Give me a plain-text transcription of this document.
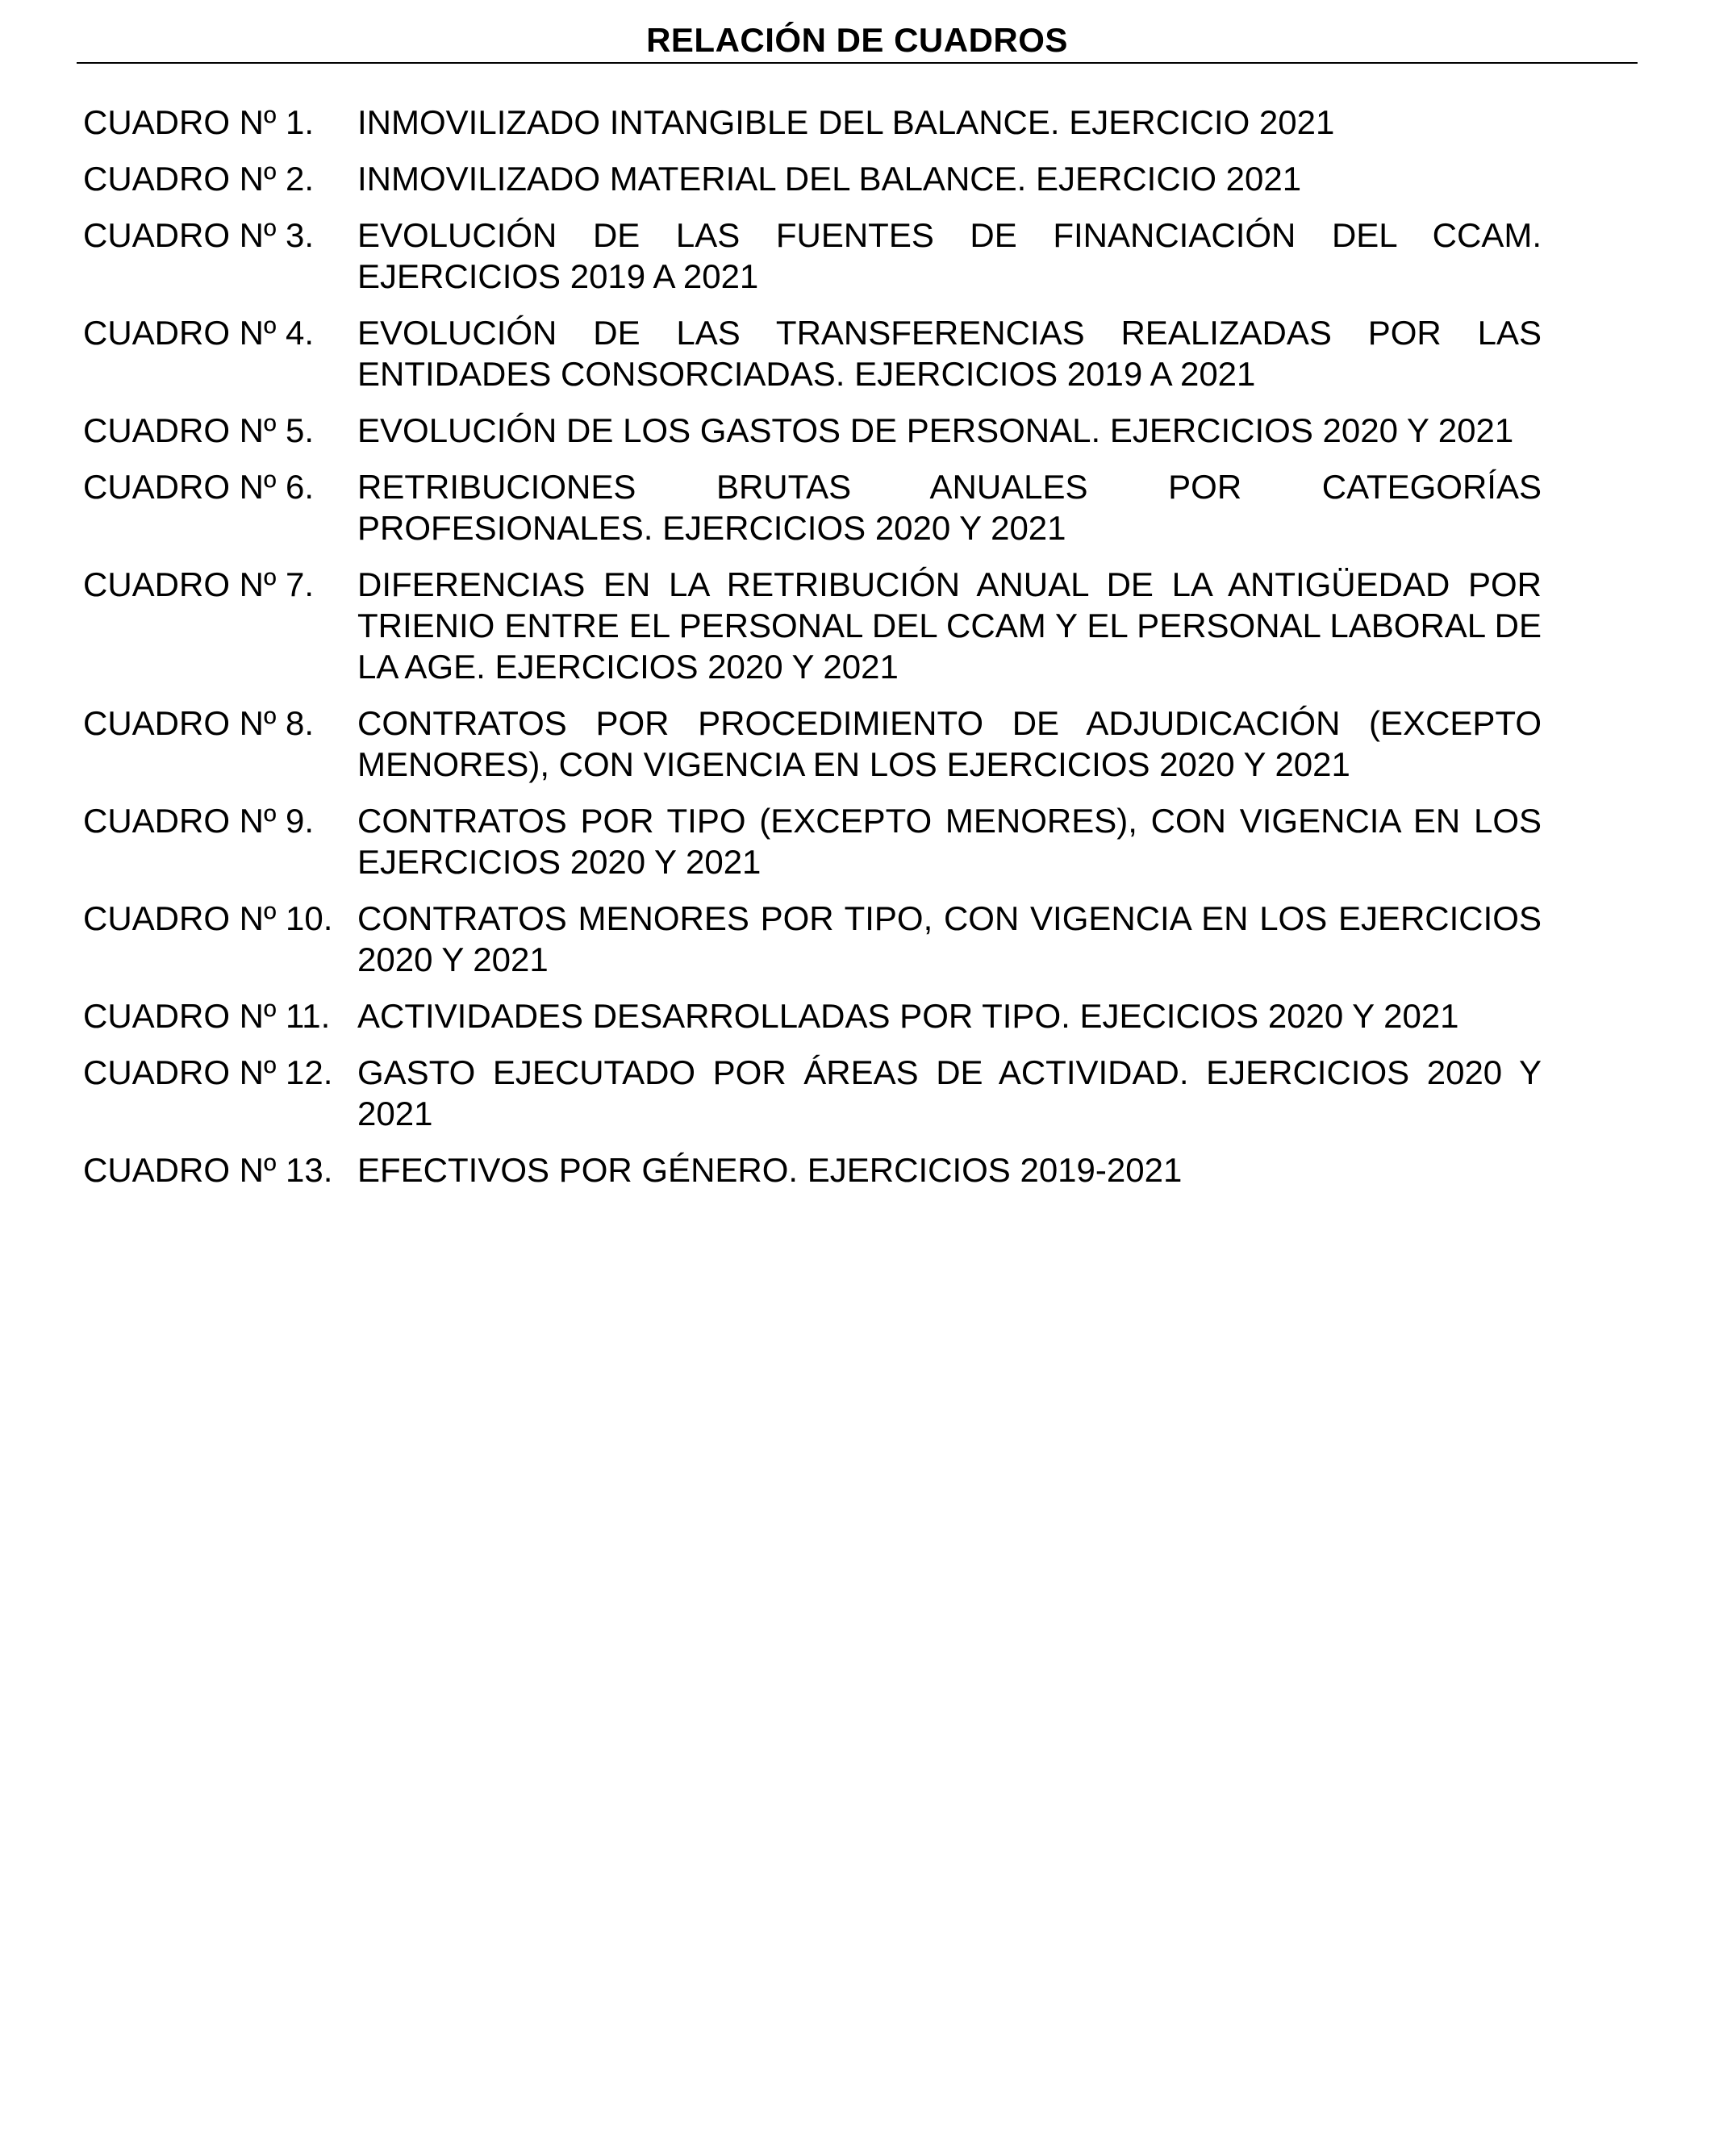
RELACIÓN DE CUADROS
CUADRO Nº 1.	INMOVILIZADO INTANGIBLE DEL BALANCE. EJERCICIO 2021
CUADRO Nº 2.	INMOVILIZADO MATERIAL DEL BALANCE. EJERCICIO 2021
CUADRO Nº 3.	EVOLUCIÓN DE LAS FUENTES DE FINANCIACIÓN DEL CCAM. EJERCICIOS 2019 A 2021
CUADRO Nº 4.	EVOLUCIÓN DE LAS TRANSFERENCIAS REALIZADAS POR LAS ENTIDADES CONSORCIADAS. EJERCICIOS 2019 A 2021
CUADRO Nº 5.	EVOLUCIÓN DE LOS GASTOS DE PERSONAL. EJERCICIOS 2020 Y 2021
CUADRO Nº 6.	RETRIBUCIONES BRUTAS ANUALES POR CATEGORÍAS PROFESIONALES. EJERCICIOS 2020 Y 2021
CUADRO Nº 7.	DIFERENCIAS EN LA RETRIBUCIÓN ANUAL DE LA ANTIGÜEDAD POR TRIENIO ENTRE EL PERSONAL DEL CCAM Y EL PERSONAL LABORAL DE LA AGE. EJERCICIOS 2020 Y 2021
CUADRO Nº 8.	CONTRATOS POR PROCEDIMIENTO DE ADJUDICACIÓN (EXCEPTO MENORES), CON VIGENCIA EN LOS EJERCICIOS 2020 Y 2021
CUADRO Nº 9.	CONTRATOS POR TIPO (EXCEPTO MENORES), CON VIGENCIA EN LOS EJERCICIOS 2020 Y 2021
CUADRO Nº 10. CONTRATOS MENORES POR TIPO, CON VIGENCIA EN LOS EJERCICIOS 2020 Y 2021
CUADRO Nº 11. ACTIVIDADES DESARROLLADAS POR TIPO. EJECICIOS 2020 Y 2021
CUADRO Nº 12. GASTO EJECUTADO POR ÁREAS DE ACTIVIDAD. EJERCICIOS 2020 Y 2021
CUADRO Nº 13. EFECTIVOS POR GÉNERO. EJERCICIOS 2019-2021
